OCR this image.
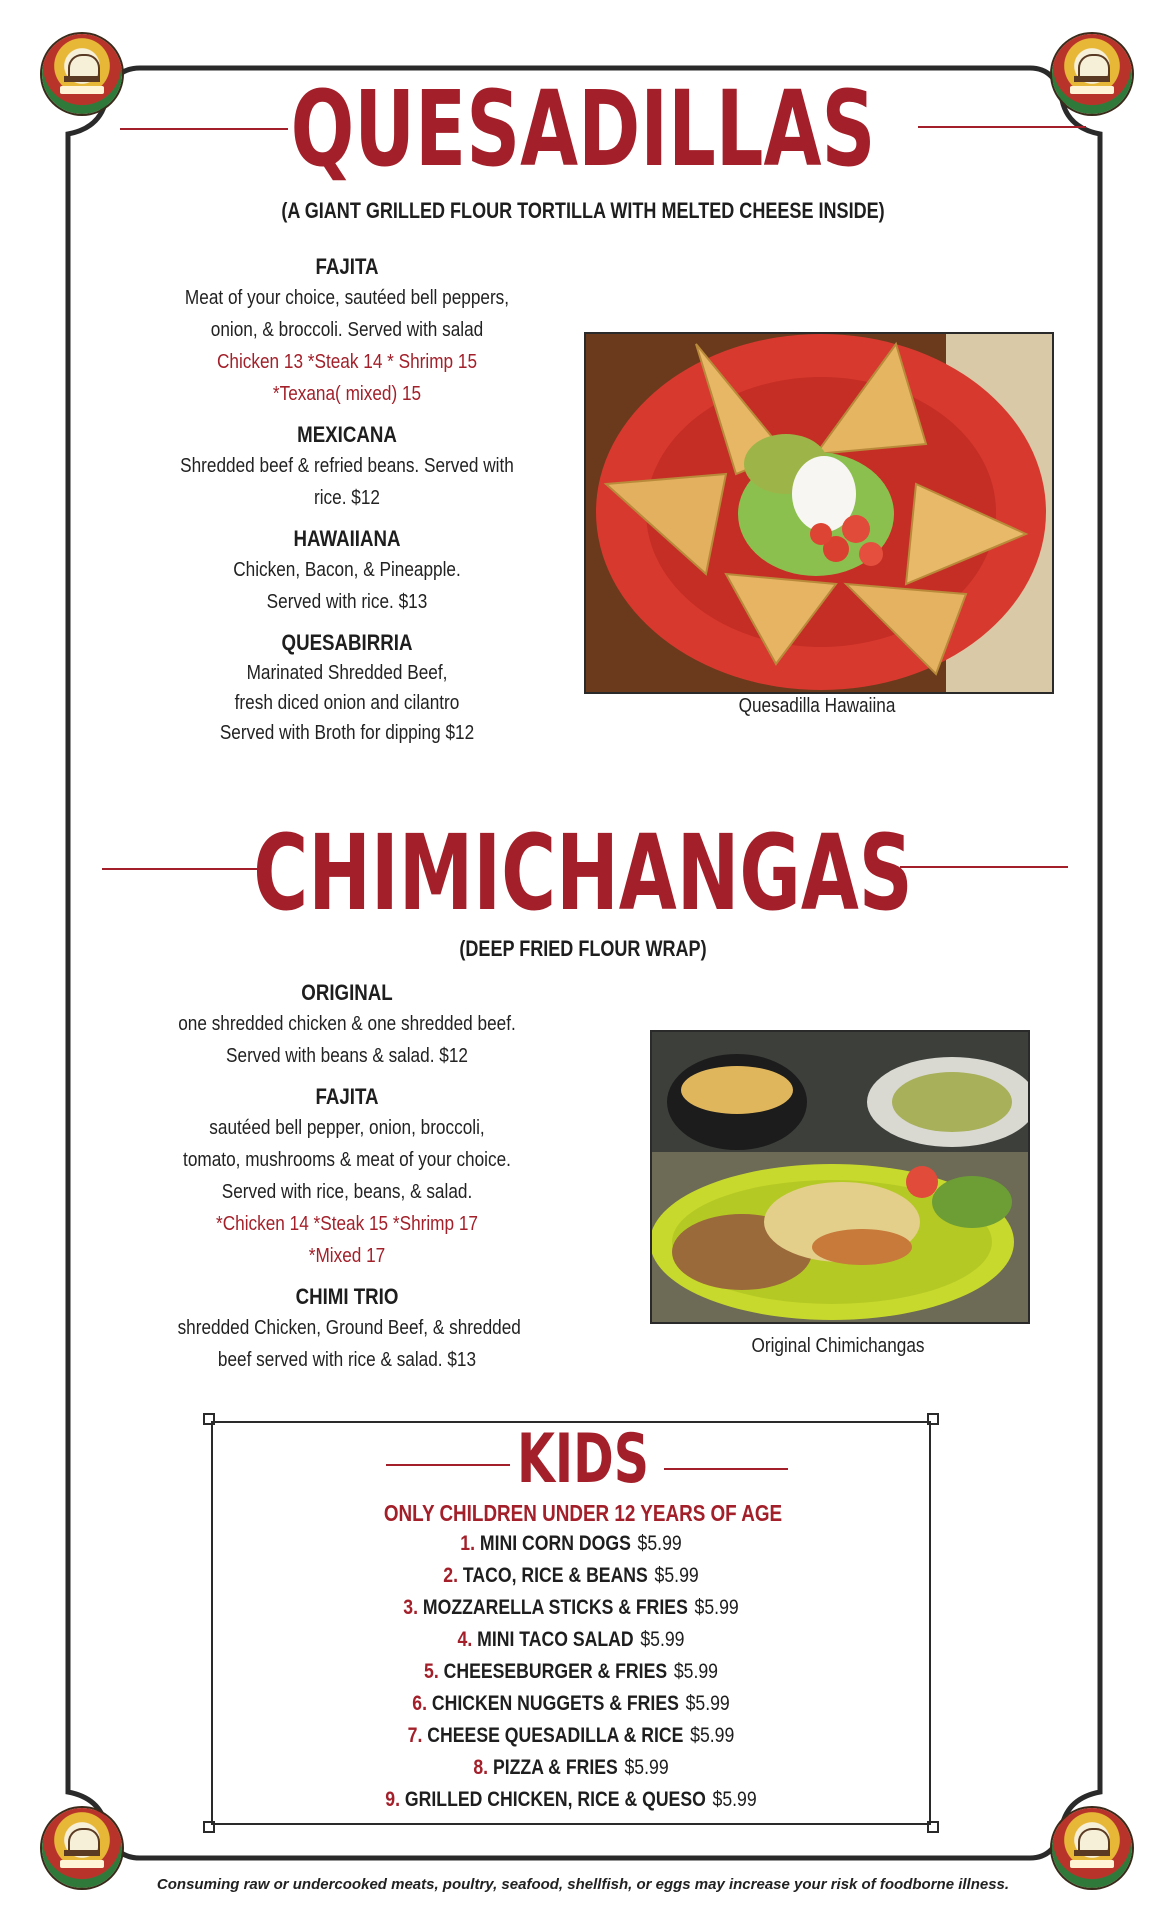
QUESADILLAS
(A GIANT GRILLED FLOUR TORTILLA WITH MELTED CHEESE INSIDE)
FAJITA
Meat of your choice, sautéed bell peppers,
onion, & broccoli. Served with salad
Chicken 13 *Steak 14 * Shrimp 15
*Texana( mixed) 15
MEXICANA
Shredded beef & refried beans. Served with
rice. $12
HAWAIIANA
Chicken, Bacon, & Pineapple.
Served with rice. $13
QUESABIRRIA
Marinated Shredded Beef,
fresh diced onion and cilantro
Served with Broth for dipping $12
Quesadilla Hawaiina
CHIMICHANGAS
(DEEP FRIED FLOUR WRAP)
ORIGINAL
one shredded chicken & one shredded beef.
Served with beans & salad. $12
FAJITA
sautéed bell pepper, onion, broccoli,
tomato, mushrooms & meat of your choice.
Served with rice, beans, & salad.
*Chicken 14 *Steak 15 *Shrimp 17
*Mixed 17
CHIMI TRIO
shredded Chicken, Ground Beef, & shredded
beef served with rice & salad. $13
Original Chimichangas
KIDS
ONLY CHILDREN UNDER 12 YEARS OF AGE
1. MINI CORN DOGS $5.99
2. TACO, RICE & BEANS $5.99
3. MOZZARELLA STICKS & FRIES $5.99
4. MINI TACO SALAD $5.99
5. CHEESEBURGER & FRIES $5.99
6. CHICKEN NUGGETS & FRIES $5.99
7. CHEESE QUESADILLA & RICE $5.99
8. PIZZA & FRIES $5.99
9. GRILLED CHICKEN, RICE & QUESO $5.99
Consuming raw or undercooked meats, poultry, seafood, shellfish, or eggs may increase your risk of foodborne illness.
